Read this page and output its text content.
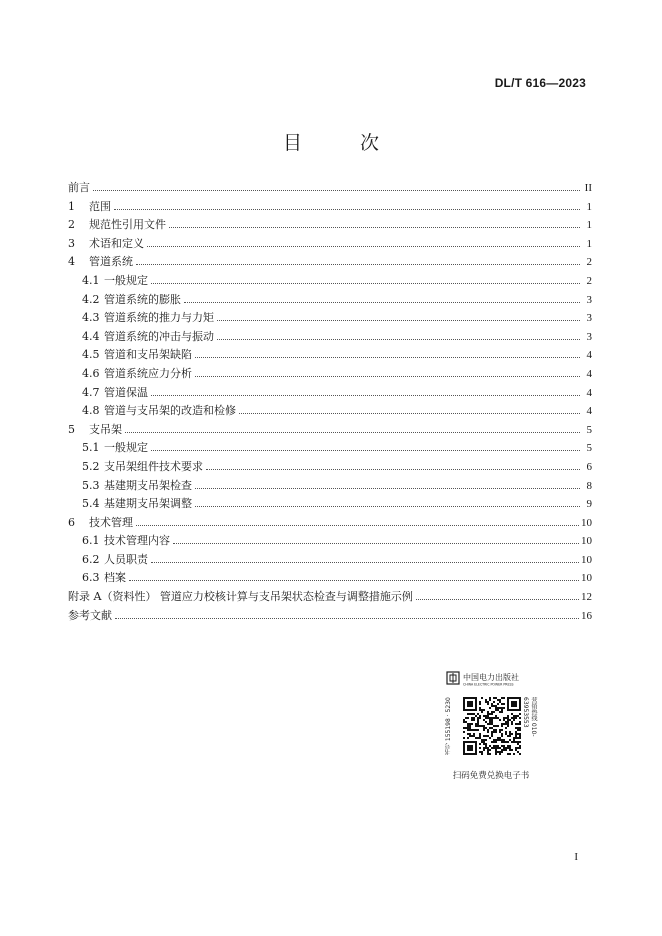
DL/T 616—2023
目 次
前言	II
1	范围	1
2	规范性引用文件	1
3	术语和定义	1
4	管道系统	2
4.1 一般规定	2
4.2 管道系统的膨胀	3
4.3 管道系统的推力与力矩	3
4.4 管道系统的冲击与振动	3
4.5 管道和支吊架缺陷	4
4.6 管道系统应力分析	4
4.7 管道保温	4
4.8 管道与支吊架的改造和检修	4
5	支吊架	5
5.1 一般规定	5
5.2 支吊架组件技术要求	6
5.3 基建期支吊架检查	8
5.4 基建期支吊架调整	9
6	技术管理	10
6.1 技术管理内容	10
6.2 人员职责	10
6.3 档案	10
附录 A（资料性） 管道应力校核计算与支吊架状态检查与调整措施示例	12
参考文献	16
中国电力出版社
CHINA ELECTRIC POWER PRESS
书号 155198 · 5230	营销热线 010-63953553
扫码免费兑换电子书
I
